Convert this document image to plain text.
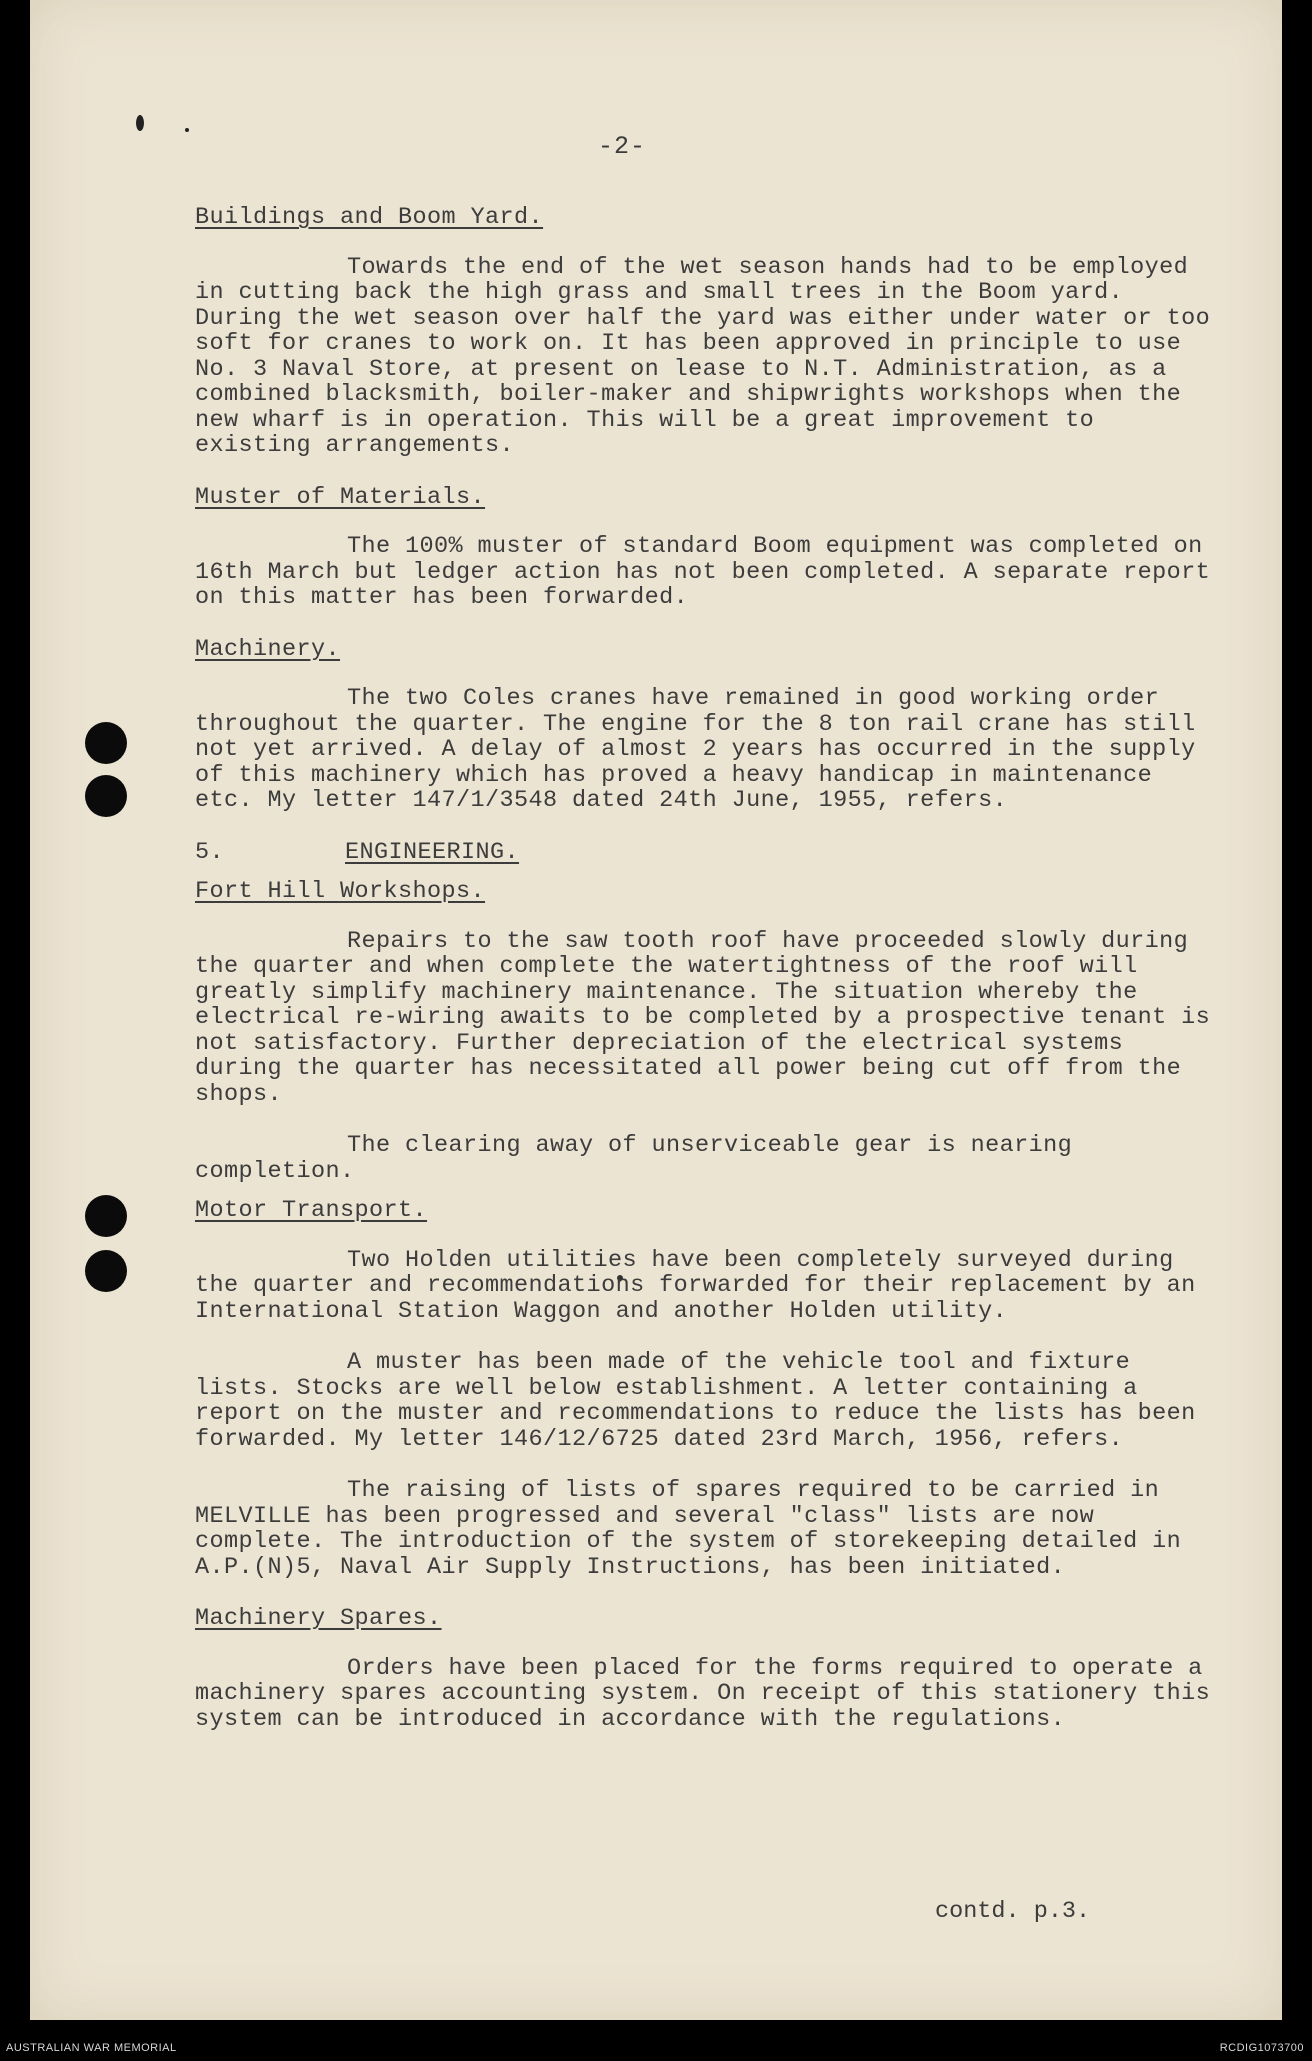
-2-
Buildings and Boom Yard.

Towards the end of the wet season hands had to be employed in cutting back the high grass and small trees in the Boom yard. During the wet season over half the yard was either under water or too soft for cranes to work on. It has been approved in principle to use No. 3 Naval Store, at present on lease to N.T. Administration, as a combined blacksmith, boiler-maker and shipwrights workshops when the new wharf is in operation. This will be a great improvement to existing arrangements.

Muster of Materials.

The 100% muster of standard Boom equipment was completed on 16th March but ledger action has not been completed. A separate report on this matter has been forwarded.

Machinery.

The two Coles cranes have remained in good working order throughout the quarter. The engine for the 8 ton rail crane has still not yet arrived. A delay of almost 2 years has occurred in the supply of this machinery which has proved a heavy handicap in maintenance etc. My letter 147/1/3548 dated 24th June, 1955, refers.

5.	ENGINEERING.
Fort Hill Workshops.

Repairs to the saw tooth roof have proceeded slowly during the quarter and when complete the watertightness of the roof will greatly simplify machinery maintenance. The situation whereby the electrical re-wiring awaits to be completed by a prospective tenant is not satisfactory. Further depreciation of the electrical systems during the quarter has necessitated all power being cut off from the shops.

The clearing away of unserviceable gear is nearing completion.

Motor Transport.

Two Holden utilities have been completely surveyed during the quarter and recommendations forwarded for their replacement by an International Station Waggon and another Holden utility.

A muster has been made of the vehicle tool and fixture lists. Stocks are well below establishment. A letter containing a report on the muster and recommendations to reduce the lists has been forwarded. My letter 146/12/6725 dated 23rd March, 1956, refers.

The raising of lists of spares required to be carried in MELVILLE has been progressed and several "class" lists are now complete. The introduction of the system of storekeeping detailed in A.P.(N)5, Naval Air Supply Instructions, has been initiated.

Machinery Spares.

Orders have been placed for the forms required to operate a machinery spares accounting system. On receipt of this stationery this system can be introduced in accordance with the regulations.

contd. p.3.
AUSTRALIAN WAR MEMORIAL	RCDIG1073700
